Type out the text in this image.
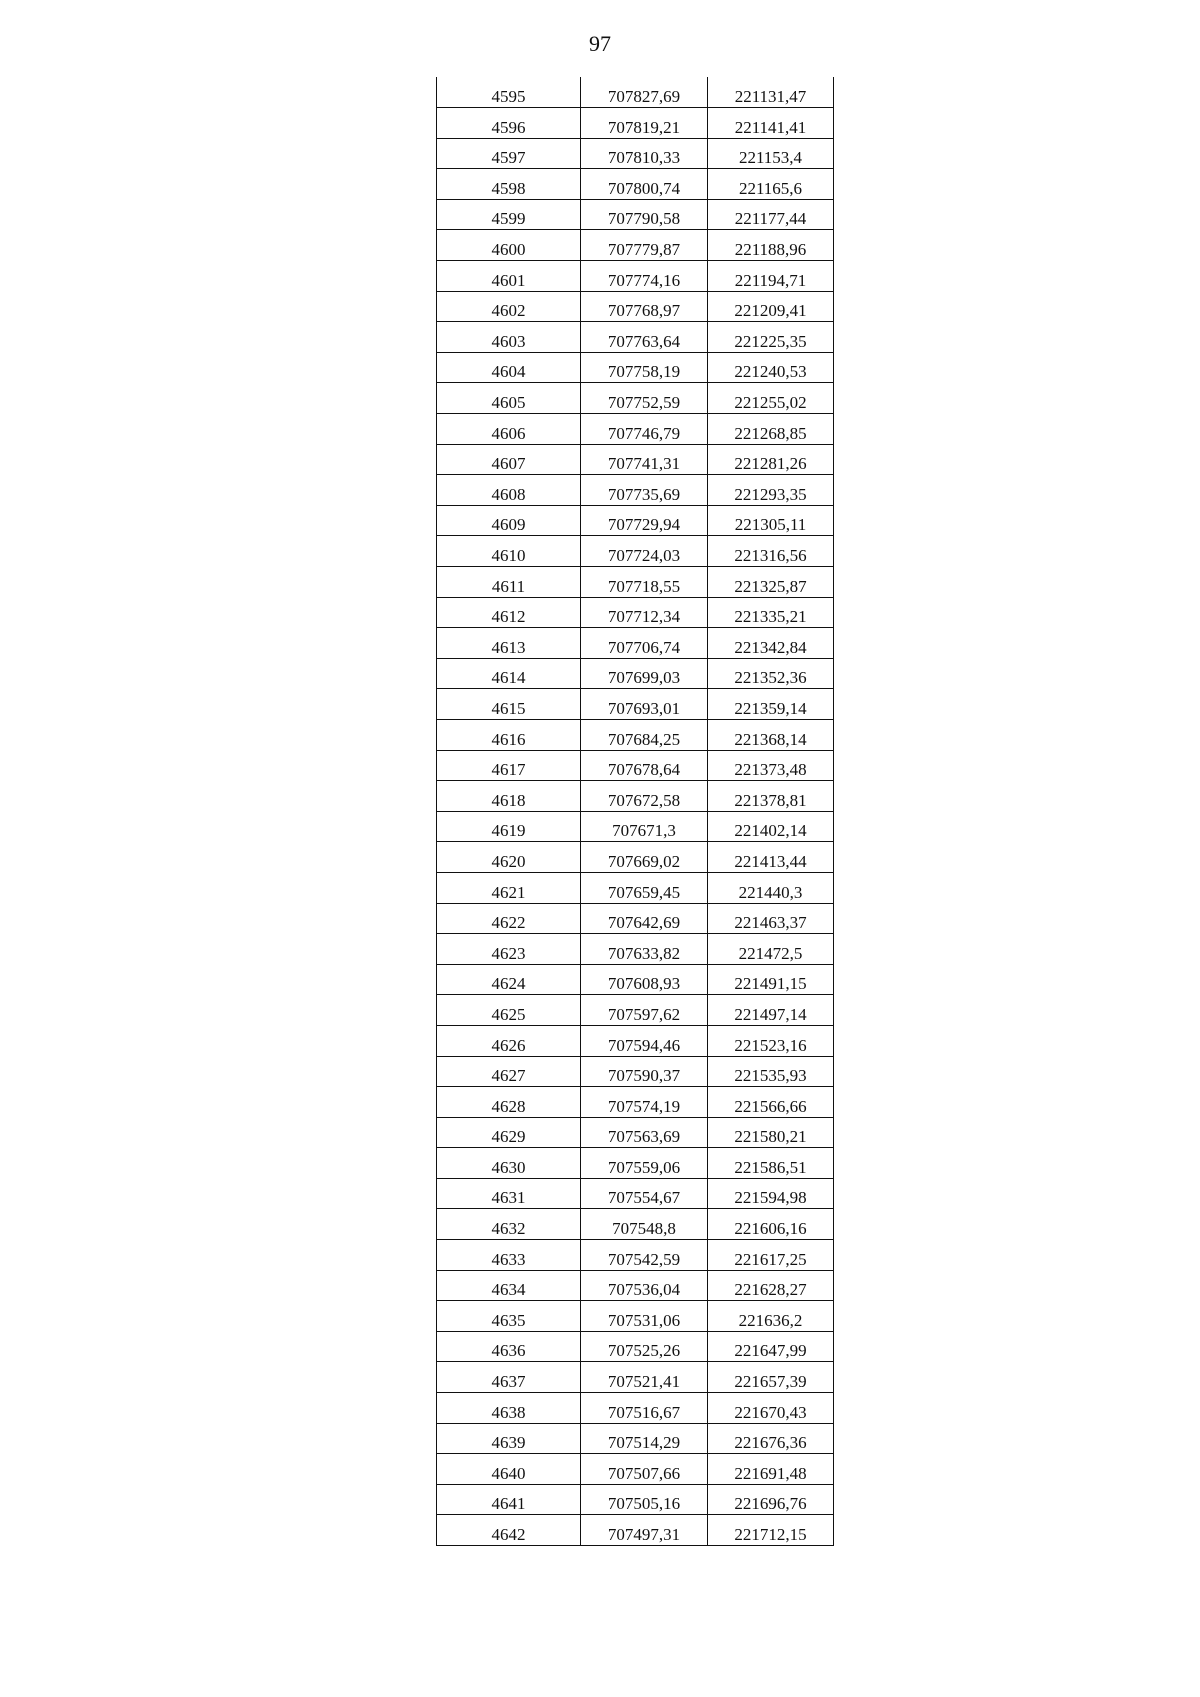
97
4595	707827,69	221131,47
4596	707819,21	221141,41
4597	707810,33	221153,4
4598	707800,74	221165,6
4599	707790,58	221177,44
4600	707779,87	221188,96
4601	707774,16	221194,71
4602	707768,97	221209,41
4603	707763,64	221225,35
4604	707758,19	221240,53
4605	707752,59	221255,02
4606	707746,79	221268,85
4607	707741,31	221281,26
4608	707735,69	221293,35
4609	707729,94	221305,11
4610	707724,03	221316,56
4611	707718,55	221325,87
4612	707712,34	221335,21
4613	707706,74	221342,84
4614	707699,03	221352,36
4615	707693,01	221359,14
4616	707684,25	221368,14
4617	707678,64	221373,48
4618	707672,58	221378,81
4619	707671,3	221402,14
4620	707669,02	221413,44
4621	707659,45	221440,3
4622	707642,69	221463,37
4623	707633,82	221472,5
4624	707608,93	221491,15
4625	707597,62	221497,14
4626	707594,46	221523,16
4627	707590,37	221535,93
4628	707574,19	221566,66
4629	707563,69	221580,21
4630	707559,06	221586,51
4631	707554,67	221594,98
4632	707548,8	221606,16
4633	707542,59	221617,25
4634	707536,04	221628,27
4635	707531,06	221636,2
4636	707525,26	221647,99
4637	707521,41	221657,39
4638	707516,67	221670,43
4639	707514,29	221676,36
4640	707507,66	221691,48
4641	707505,16	221696,76
4642	707497,31	221712,15
